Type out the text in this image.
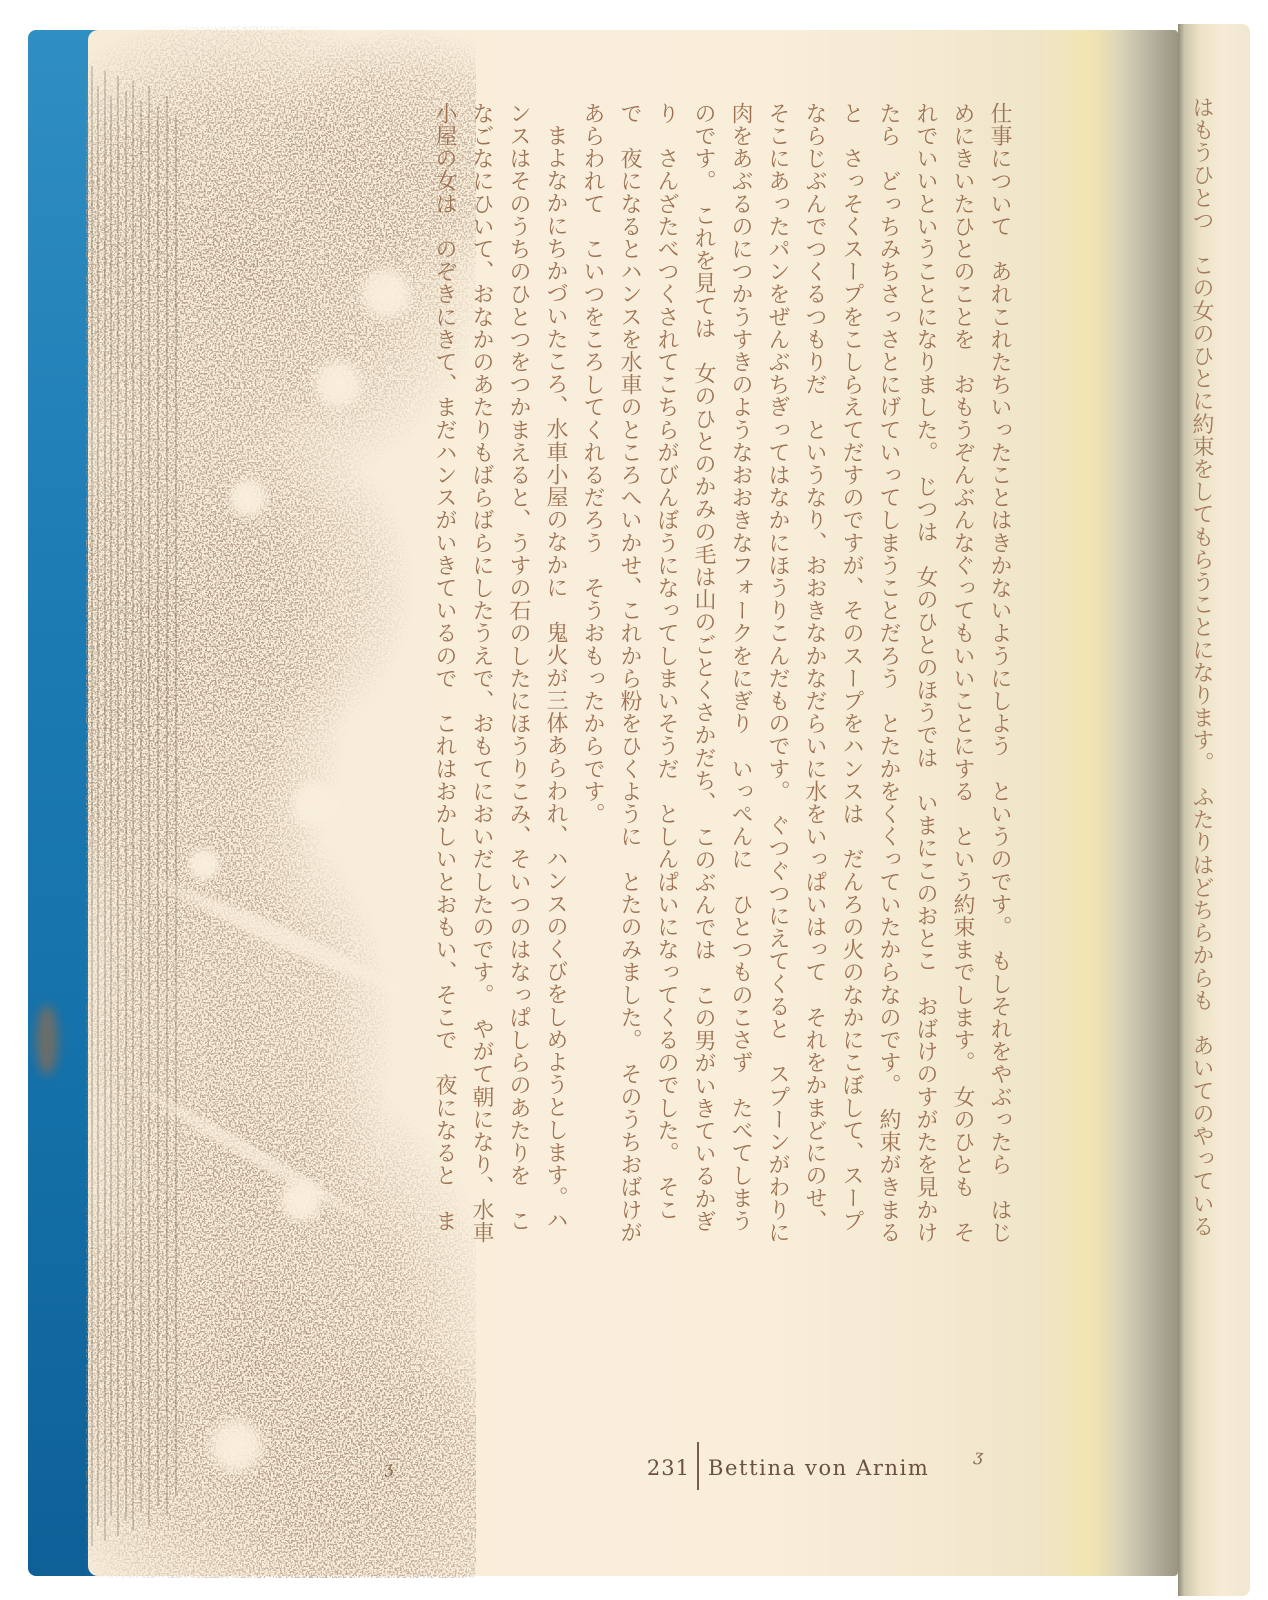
仕事について　あれこれたちいったことはきかないようにしよう　というのです。　もしそれをやぶったら　はじ
めにきいたひとのことを　おもうぞんぶんなぐってもいいことにする　という約束までします。　女のひとも　そ
れでいいということになりました。　じつは　女のひとのほうでは　いまにこのおとこ　おばけのすがたを見かけ
たら　どっちみちさっさとにげていってしまうことだろう　とたかをくくっていたからなのです。　約束がきまる
と　さっそくスープをこしらえてだすのですが、そのスープをハンスは　だんろの火のなかにこぼして、スープ
ならじぶんでつくるつもりだ　というなり、おおきなかなだらいに水をいっぱいはって　それをかまどにのせ、
そこにあったパンをぜんぶちぎってはなかにほうりこんだものです。　ぐつぐつにえてくると　スプーンがわりに
肉をあぶるのにつかうすきのようなおおきなフォークをにぎり　いっぺんに　ひとつものこさず　たべてしまう
のです。　これを見ては　女のひとのかみの毛は山のごとくさかだち、　このぶんでは　この男がいきているかぎ
り　さんざたべつくされてこちらがびんぼうになってしまいそうだ　としんぱいになってくるのでした。　そこ
で　夜になるとハンスを水車のところへいかせ、これから粉をひくように　とたのみました。　そのうちおばけが
あらわれて　こいつをころしてくれるだろう　そうおもったからです。
まよなかにちかづいたころ、水車小屋のなかに　鬼火が三体あらわれ、ハンスのくびをしめようとします。ハ
ンスはそのうちのひとつをつかまえると、うすの石のしたにほうりこみ、そいつのはなっぱしらのあたりを　こ
なごなにひいて、おなかのあたりもばらばらにしたうえで、おもてにおいだしたのです。　やがて朝になり、水車
小屋の女は　のぞきにきて、まだハンスがいきているので　これはおかしいとおもい、そこで　夜になると　ま	はもうひとつ　この女のひとに約束をしてもらうことになります。　ふたりはどちらからも　あいてのやっている
231 Bettina von Arnim
ʒ
ʒ
